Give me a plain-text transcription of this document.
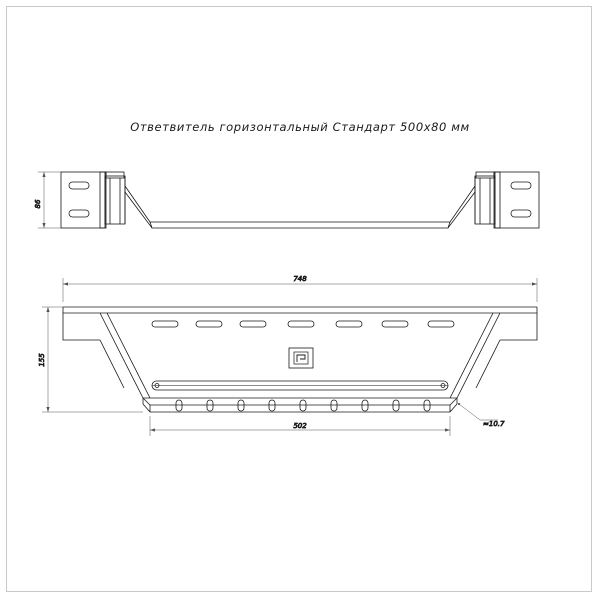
Ответвитель горизонтальный Стандарт 500х80 мм
86
748
155
502	≈10.7
